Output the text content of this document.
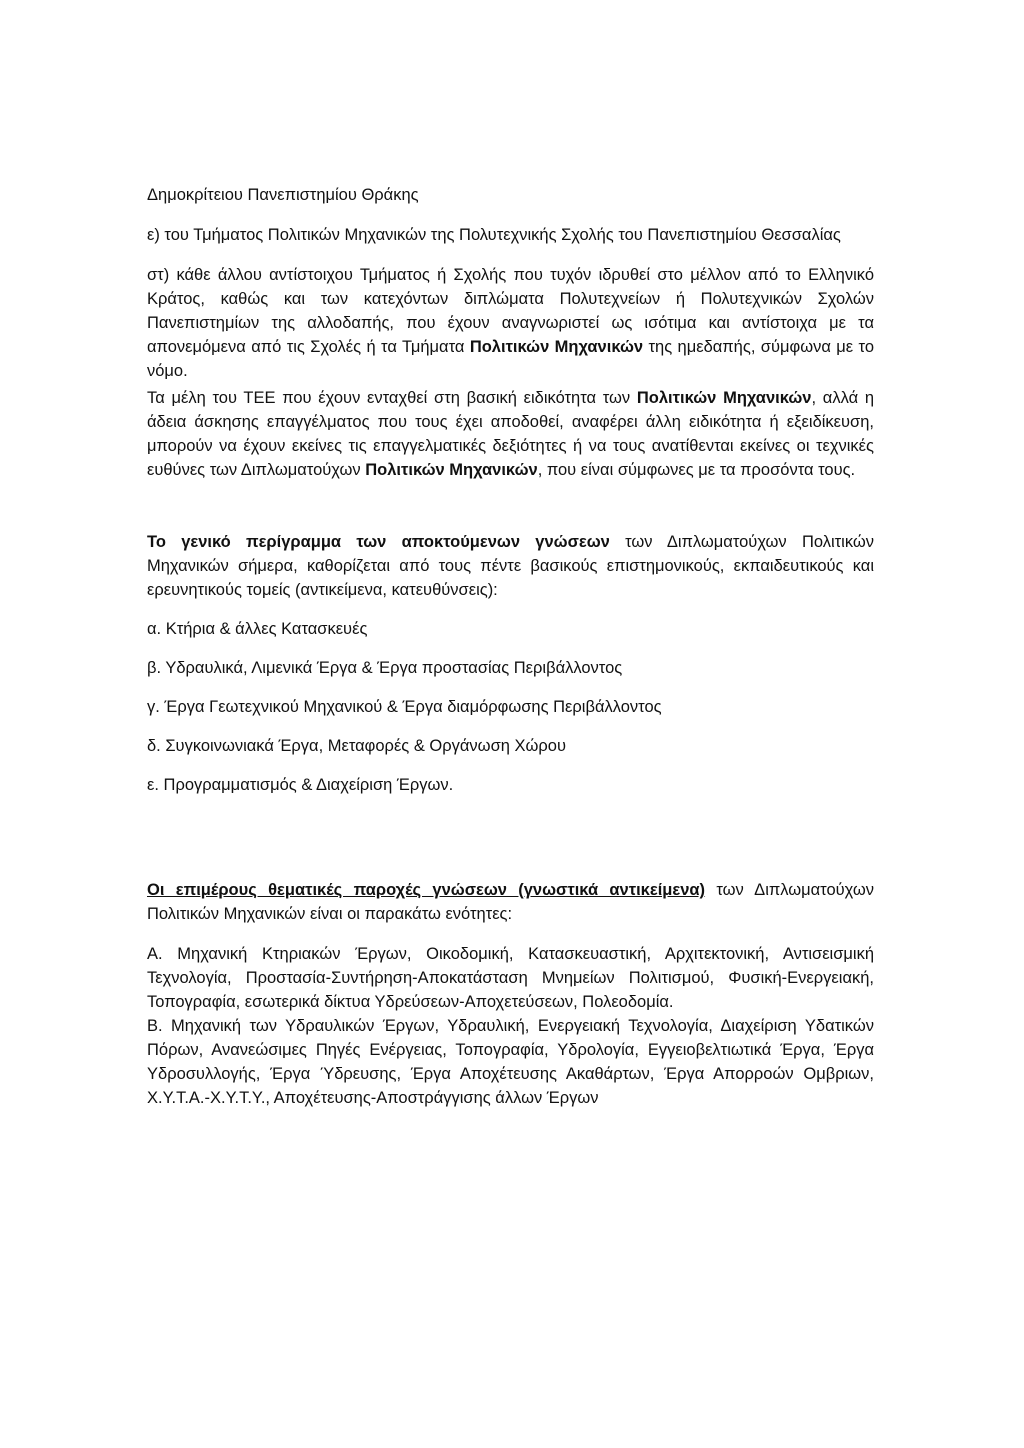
Δημοκρίτειου Πανεπιστημίου Θράκης

ε) του Τμήματος Πολιτικών Μηχανικών της Πολυτεχνικής Σχολής του Πανεπιστημίου Θεσσαλίας

στ) κάθε άλλου αντίστοιχου Τμήματος ή Σχολής που τυχόν ιδρυθεί στο μέλλον από το Ελληνικό Κράτος, καθώς και των κατεχόντων διπλώματα Πολυτεχνείων ή Πολυτεχνικών Σχολών Πανεπιστημίων της αλλοδαπής, που έχουν αναγνωριστεί ως ισότιμα και αντίστοιχα με τα απονεμόμενα από τις Σχολές ή τα Τμήματα Πολιτικών Μηχανικών της ημεδαπής, σύμφωνα με το νόμο.

Τα μέλη του ΤΕΕ που έχουν ενταχθεί στη βασική ειδικότητα των Πολιτικών Μηχανικών, αλλά η άδεια άσκησης επαγγέλματος που τους έχει αποδοθεί, αναφέρει άλλη ειδικότητα ή εξειδίκευση, μπορούν να έχουν εκείνες τις επαγγελματικές δεξιότητες ή να τους ανατίθενται εκείνες οι τεχνικές ευθύνες των Διπλωματούχων Πολιτικών Μηχανικών, που είναι σύμφωνες με τα προσόντα τους.

Το γενικό περίγραμμα των αποκτούμενων γνώσεων των Διπλωματούχων Πολιτικών Μηχανικών σήμερα, καθορίζεται από τους πέντε βασικούς επιστημονικούς, εκπαιδευτικούς και ερευνητικούς τομείς (αντικείμενα, κατευθύνσεις):

α. Κτήρια & άλλες Κατασκευές

β. Υδραυλικά, Λιμενικά Έργα & Έργα προστασίας Περιβάλλοντος

γ. Έργα Γεωτεχνικού Μηχανικού & Έργα διαμόρφωσης Περιβάλλοντος

δ. Συγκοινωνιακά Έργα, Μεταφορές & Οργάνωση Χώρου

ε. Προγραμματισμός & Διαχείριση Έργων.

Οι επιμέρους θεματικές παροχές γνώσεων (γνωστικά αντικείμενα) των Διπλωματούχων Πολιτικών Μηχανικών είναι οι παρακάτω ενότητες:

Α. Μηχανική Κτηριακών Έργων, Οικοδομική, Κατασκευαστική, Αρχιτεκτονική, Αντισεισμική Τεχνολογία, Προστασία-Συντήρηση-Αποκατάσταση Μνημείων Πολιτισμού, Φυσική-Ενεργειακή, Τοπογραφία, εσωτερικά δίκτυα Υδρεύσεων-Αποχετεύσεων, Πολεοδομία.

Β. Μηχανική των Υδραυλικών Έργων, Υδραυλική, Ενεργειακή Τεχνολογία, Διαχείριση Υδατικών Πόρων, Ανανεώσιμες Πηγές Ενέργειας, Τοπογραφία, Υδρολογία, Εγγειοβελτιωτικά Έργα, Έργα Υδροσυλλογής, Έργα Ύδρευσης, Έργα Αποχέτευσης Ακαθάρτων, Έργα Απορροών Ομβριων, Χ.Υ.Τ.Α.-Χ.Υ.Τ.Υ., Αποχέτευσης-Αποστράγγισης άλλων Έργων
